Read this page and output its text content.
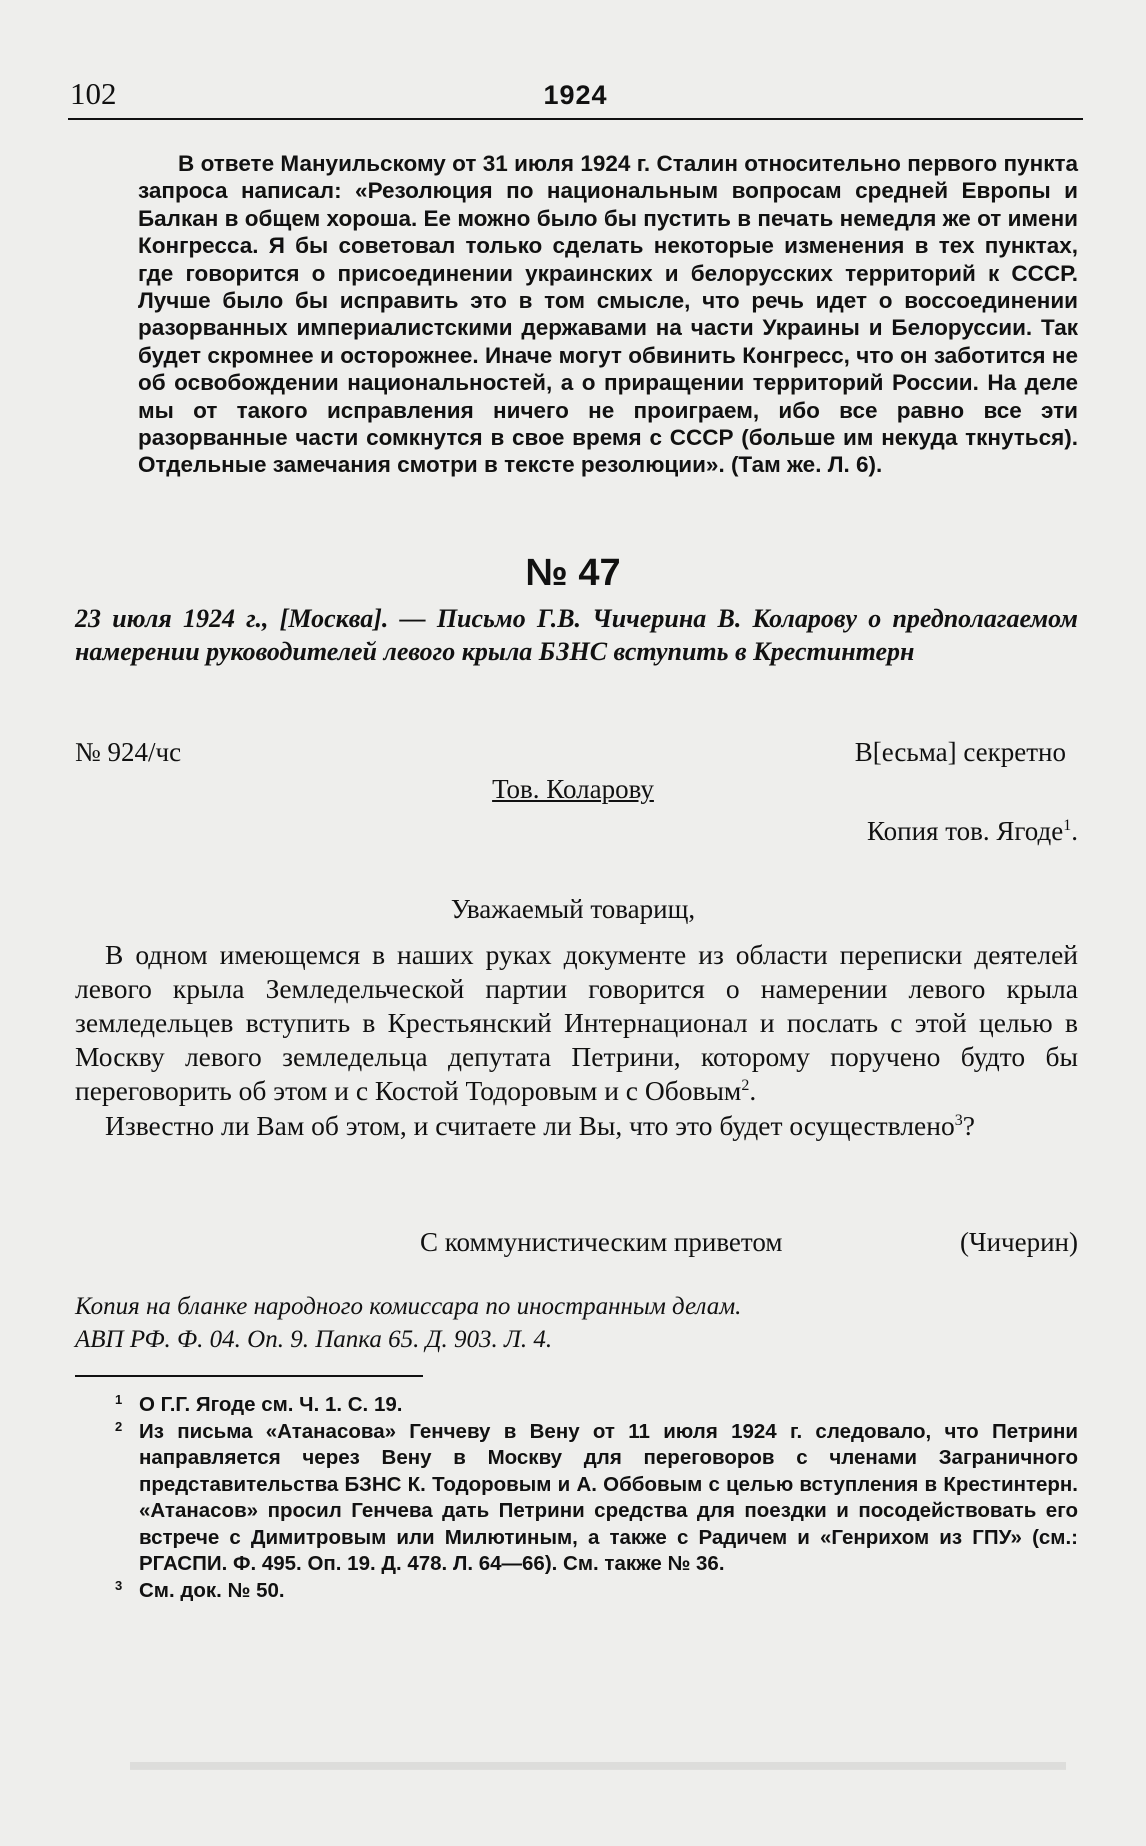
▬▬▬▬▬▬▬▬▬▬▬▬▬▬▬▬▬▬▬▬▬▬▬▬▬▬▬▬▬▬▬▬▬▬▬▬
102	1924

В ответе Мануильскому от 31 июля 1924 г. Сталин относительно первого пункта запроса написал: «Резолюция по национальным вопросам средней Европы и Балкан в общем хороша. Ее можно было бы пустить в печать немедля же от имени Конгресса. Я бы советовал только сделать некоторые изменения в тех пунктах, где говорится о присоединении украинских и белорусских территорий к СССР. Лучше было бы исправить это в том смысле, что речь идет о воссоединении разорванных империалистскими державами на части Украины и Белоруссии. Так будет скромнее и осторожнее. Иначе могут обвинить Конгресс, что он заботится не об освобождении национальностей, а о приращении территорий России. На деле мы от такого исправления ничего не проиграем, ибо все равно все эти разорванные части сомкнутся в свое время с СССР (больше им некуда ткнуться). Отдельные замечания смотри в тексте резолюции». (Там же. Л. 6).

№ 47
23 июля 1924 г., [Москва]. — Письмо Г.В. Чичерина В. Коларову о предполагаемом намерении руководителей левого крыла БЗНС вступить в Крестинтерн
№ 924/чс	В[есьма] секретно
Тов. Коларову
Копия тов. Ягоде$^1$.
Уважаемый товарищ,

В одном имеющемся в наших руках документе из области переписки деятелей левого крыла Земледельческой партии говорится о намерении левого крыла земледельцев вступить в Крестьянский Интернационал и послать с этой целью в Москву левого земледельца депутата Петрини, которому поручено будто бы переговорить об этом и с Костой Тодоровым и с Обовым$^2$.

Известно ли Вам об этом, и считаете ли Вы, что это будет осуществлено$^3$?

С коммунистическим приветом	(Чичерин)
Копия на бланке народного комиссара по иностранным делам.
АВП РФ. Ф. 04. Оп. 9. Папка 65. Д. 903. Л. 4.
1 О Г.Г. Ягоде см. Ч. 1. С. 19.
2 Из письма «Атанасова» Генчеву в Вену от 11 июля 1924 г. следовало, что Петрини направляется через Вену в Москву для переговоров с членами Заграничного представительства БЗНС К. Тодоровым и А. Оббовым с целью вступления в Крестинтерн. «Атанасов» просил Генчева дать Петрини средства для поездки и посодействовать его встрече с Димитровым или Милютиным, а также с Радичем и «Генрихом из ГПУ» (см.: РГАСПИ. Ф. 495. Оп. 19. Д. 478. Л. 64—66). См. также № 36.
3 См. док. № 50.
